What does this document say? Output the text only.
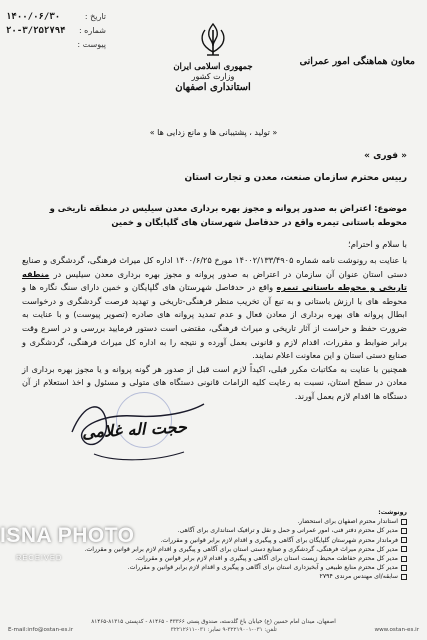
۱۴۰۰/۰۶/۳۰	تاریخ :
۲۰-۳/۲۵۲۷۹۴ شماره :
پیوست :
جمهوری اسلامی ایران
وزارت کشور
استانداری اصفهان
معاون هماهنگی امور عمرانی
« تولید ، پشتیبانی ها و مانع زدایی ها »
« فوری »
رییس محترم سازمان صنعت، معدن و تجارت استان
موضوع: اعتراض به صدور پروانه و مجوز بهره برداری معدن سیلیس در منطقه تاریخی و محوطه باستانی تیمره واقع در حدفاصل شهرستان های گلپایگان و خمین
با سلام و احترام؛

با عنایت به رونوشت نامه شماره ۱۴۰۰۲/۱۳۳/۴۹۰۵ مورخ ۱۴۰۰/۶/۲۵ اداره کل میراث فرهنگی، گردشگری و صنایع دستی استان عنوان آن سازمان در اعتراض به صدور پروانه و مجوز بهره برداری معدن سیلیس در منطقه تاریخی و محوطه باستانی تیمره واقع در حدفاصل شهرستان های گلپایگان و خمین دارای سنگ نگاره ها و محوطه های با ارزش باستانی و به تبع آن تخریب منظر فرهنگی-تاریخی و تهدید فرصت گردشگری و درخواست ابطال پروانه های بهره برداری از معادن فعال و عدم تمدید پروانه های صادره (تصویر پیوست) و با عنایت به ضرورت حفظ و حراست از آثار تاریخی و میراث فرهنگی، مقتضی است دستور فرمایید بررسی و در اسرع وقت برابر ضوابط و مقررات، اقدام لازم و قانونی بعمل آورده و نتیجه را به اداره کل میراث فرهنگی، گردشگری و صنایع دستی استان و این معاونت اعلام نمایند.

همچنین با عنایت به مکاتبات مکرر قبلی، اکیداً لازم است قبل از صدور هر گونه پروانه و یا مجوز بهره برداری از معادن در سطح استان، نسبت به رعایت کلیه الزامات قانونی دستگاه های متولی و مسئول و اخذ استعلام از آن دستگاه ها اقدام لازم بعمل آورند.

حجت اله غلامی
رونوشت:
استاندار محترم اصفهان برای استحضار.
مدیر کل محترم دفتر فنی، امور عمرانی و حمل و نقل و ترافیک استانداری برای آگاهی.
فرماندار محترم شهرستان گلپایگان برای آگاهی و پیگیری و اقدام لازم برابر قوانین و مقررات.
مدیر کل محترم میراث فرهنگی، گردشگری و صنایع دستی استان برای آگاهی و پیگیری و اقدام لازم برابر قوانین و مقررات.
مدیر کل محترم حفاظت محیط زیست استان برای آگاهی و پیگیری و اقدام لازم برابر قوانین و مقررات.
مدیر کل محترم منابع طبیعی و آبخیزداری استان برای آگاهی و پیگیری و اقدام لازم برابر قوانین و مقررات.
سابقه/ای مهندس مرندی ۲۷۹۴
ISNA PHOTO
RECEIVED
اصفهان، میدان امام حسین (ع) خیابان باغ گلدسته، صندوق پستی ۴۳۳۶۶ - ۸۱۴۶۵ - کدپستی ۸۱۳۱۵-۸۱۴۶۵
E-mail:info@ostan-es.ir	تلفن: ۰۳۱-۳۲۲۱۹۰۰۱-۹ نمابر: ۰۳۱-۳۲۲۱۲۶۱۱	www.ostan-es.ir
